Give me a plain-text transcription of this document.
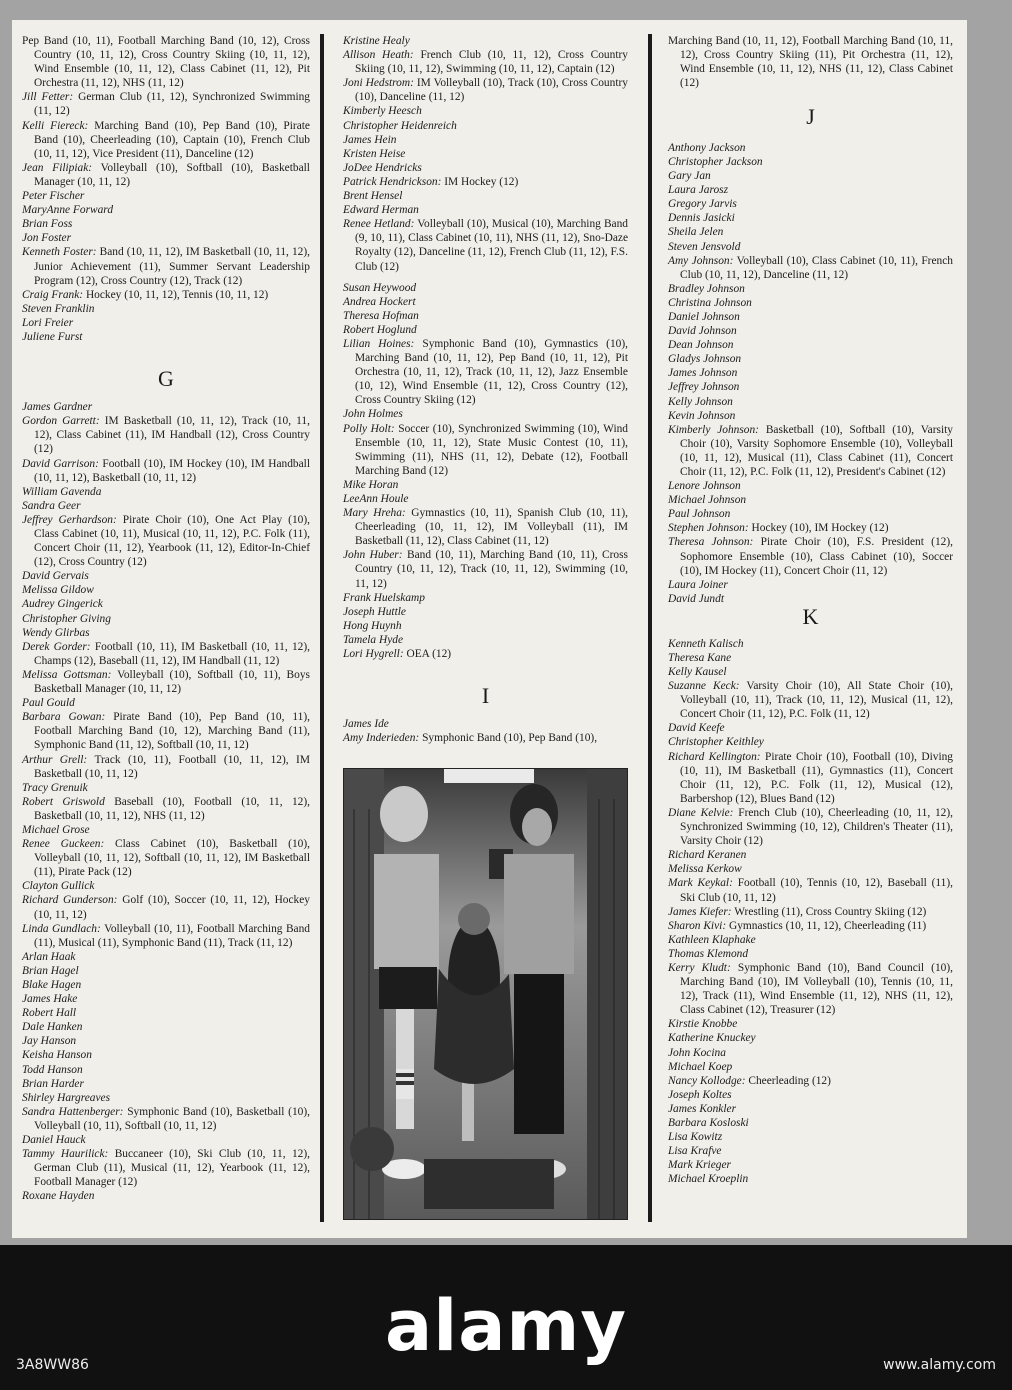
Pep Band (10, 11), Football Marching Band (10, 12), Cross Country (10, 11, 12), Cross Country Skiing (10, 11, 12), Wind Ensemble (10, 11, 12), Class Cabinet (11, 12), Pit Orchestra (11, 12), NHS (11, 12)

Jill Fetter: German Club (11, 12), Synchronized Swimming (11, 12)

Kelli Fiereck: Marching Band (10), Pep Band (10), Pirate Band (10), Cheerleading (10), Captain (10), French Club (10, 11, 12), Vice President (11), Danceline (12)

Jean Filipiak: Volleyball (10), Softball (10), Basketball Manager (10, 11, 12)

Peter Fischer

MaryAnne Forward

Brian Foss

Jon Foster

Kenneth Foster: Band (10, 11, 12), IM Basketball (10, 11, 12), Junior Achievement (11), Summer Servant Leadership Program (12), Cross Country (12), Track (12)

Craig Frank: Hockey (10, 11, 12), Tennis (10, 11, 12)

Steven Franklin

Lori Freier

Juliene Furst

G

James Gardner

Gordon Garrett: IM Basketball (10, 11, 12), Track (10, 11, 12), Class Cabinet (11), IM Handball (12), Cross Country (12)

David Garrison: Football (10), IM Hockey (10), IM Handball (10, 11, 12), Basketball (10, 11, 12)

William Gavenda

Sandra Geer

Jeffrey Gerhardson: Pirate Choir (10), One Act Play (10), Class Cabinet (10, 11), Musical (10, 11, 12), P.C. Folk (11), Concert Choir (11, 12), Yearbook (11, 12), Editor-In-Chief (12), Cross Country (12)

David Gervais

Melissa Gildow

Audrey Gingerick

Christopher Giving

Wendy Glirbas

Derek Gorder: Football (10, 11), IM Basketball (10, 11, 12), Champs (12), Baseball (11, 12), IM Handball (11, 12)

Melissa Gottsman: Volleyball (10), Softball (10, 11), Boys Basketball Manager (10, 11, 12)

Paul Gould

Barbara Gowan: Pirate Band (10), Pep Band (10, 11), Football Marching Band (10, 12), Marching Band (11), Symphonic Band (11, 12), Softball (10, 11, 12)

Arthur Grell: Track (10, 11), Football (10, 11, 12), IM Basketball (10, 11, 12)

Tracy Grenuik

Robert Griswold Baseball (10), Football (10, 11, 12), Basketball (10, 11, 12), NHS (11, 12)

Michael Grose

Renee Guckeen: Class Cabinet (10), Basketball (10), Volleyball (10, 11, 12), Softball (10, 11, 12), IM Basketball (11), Pirate Pack (12)

Clayton Gullick

Richard Gunderson: Golf (10), Soccer (10, 11, 12), Hockey (10, 11, 12)

Linda Gundlach: Volleyball (10, 11), Football Marching Band (11), Musical (11), Symphonic Band (11), Track (11, 12)

Arlan Haak

Brian Hagel

Blake Hagen

James Hake

Robert Hall

Dale Hanken

Jay Hanson

Keisha Hanson

Todd Hanson

Brian Harder

Shirley Hargreaves

Sandra Hattenberger: Symphonic Band (10), Basketball (10), Volleyball (10, 11), Softball (10, 11, 12)

Daniel Hauck

Tammy Haurilick: Buccaneer (10), Ski Club (10, 11, 12), German Club (11), Musical (11, 12), Yearbook (11, 12), Football Manager (12)

Roxane Hayden

Kristine Healy

Allison Heath: French Club (10, 11, 12), Cross Country Skiing (10, 11, 12), Swimming (10, 11, 12), Captain (12)

Joni Hedstrom: IM Volleyball (10), Track (10), Cross Country (10), Danceline (11, 12)

Kimberly Heesch

Christopher Heidenreich

James Hein

Kristen Heise

JoDee Hendricks

Patrick Hendrickson: IM Hockey (12)

Brent Hensel

Edward Herman

Renee Hetland: Volleyball (10), Musical (10), Marching Band (9, 10, 11), Class Cabinet (10, 11), NHS (11, 12), Sno-Daze Royalty (12), Danceline (11, 12), French Club (11, 12), F.S. Club (12)

Susan Heywood

Andrea Hockert

Theresa Hofman

Robert Hoglund

Lilian Hoines: Symphonic Band (10), Gymnastics (10), Marching Band (10, 11, 12), Pep Band (10, 11, 12), Pit Orchestra (10, 11, 12), Track (10, 11, 12), Jazz Ensemble (10, 12), Wind Ensemble (11, 12), Cross Country (12), Cross Country Skiing (12)

John Holmes

Polly Holt: Soccer (10), Synchronized Swimming (10), Wind Ensemble (10, 11, 12), State Music Contest (10, 11), Swimming (11), NHS (11, 12), Debate (12), Football Marching Band (12)

Mike Horan

LeeAnn Houle

Mary Hreha: Gymnastics (10, 11), Spanish Club (10, 11), Cheerleading (10, 11, 12), IM Volleyball (11), IM Basketball (11, 12), Class Cabinet (11, 12)

John Huber: Band (10, 11), Marching Band (10, 11), Cross Country (10, 11, 12), Track (10, 11, 12), Swimming (10, 11, 12)

Frank Huelskamp

Joseph Huttle

Hong Huynh

Tamela Hyde

Lori Hygrell: OEA (12)

I

James Ide

Amy Inderieden: Symphonic Band (10), Pep Band (10),

Marching Band (10, 11, 12), Football Marching Band (10, 11, 12), Cross Country Skiing (11), Pit Orchestra (11, 12), Wind Ensemble (10, 11, 12), NHS (11, 12), Class Cabinet (12)

J

Anthony Jackson

Christopher Jackson

Gary Jan

Laura Jarosz

Gregory Jarvis

Dennis Jasicki

Sheila Jelen

Steven Jensvold

Amy Johnson: Volleyball (10), Class Cabinet (10, 11), French Club (10, 11, 12), Danceline (11, 12)

Bradley Johnson

Christina Johnson

Daniel Johnson

David Johnson

Dean Johnson

Gladys Johnson

James Johnson

Jeffrey Johnson

Kelly Johnson

Kevin Johnson

Kimberly Johnson: Basketball (10), Softball (10), Varsity Choir (10), Varsity Sophomore Ensemble (10), Volleyball (10, 11, 12), Musical (11), Class Cabinet (11), Concert Choir (11, 12), P.C. Folk (11, 12), President's Cabinet (12)

Lenore Johnson

Michael Johnson

Paul Johnson

Stephen Johnson: Hockey (10), IM Hockey (12)

Theresa Johnson: Pirate Choir (10), F.S. President (12), Sophomore Ensemble (10), Class Cabinet (10), Soccer (10), IM Hockey (11), Concert Choir (11, 12)

Laura Joiner

David Jundt

K

Kenneth Kalisch

Theresa Kane

Kelly Kausel

Suzanne Keck: Varsity Choir (10), All State Choir (10), Volleyball (10, 11), Track (10, 11, 12), Musical (11, 12), Concert Choir (11, 12), P.C. Folk (11, 12)

David Keefe

Christopher Keithley

Richard Kellington: Pirate Choir (10), Football (10), Diving (10, 11), IM Basketball (11), Gymnastics (11), Concert Choir (11, 12), P.C. Folk (11, 12), Musical (12), Barbershop (12), Blues Band (12)

Diane Kelvie: French Club (10), Cheerleading (10, 11, 12), Synchronized Swimming (10, 12), Children's Theater (11), Varsity Choir (12)

Richard Keranen

Melissa Kerkow

Mark Keykal: Football (10), Tennis (10, 12), Baseball (11), Ski Club (10, 11, 12)

James Kiefer: Wrestling (11), Cross Country Skiing (12)

Sharon Kivi: Gymnastics (10, 11, 12), Cheerleading (11)

Kathleen Klaphake

Thomas Klemond

Kerry Kludt: Symphonic Band (10), Band Council (10), Marching Band (10), IM Volleyball (10), Tennis (10, 11, 12), Track (11), Wind Ensemble (11, 12), NHS (11, 12), Class Cabinet (12), Treasurer (12)

Kirstie Knobbe

Katherine Knuckey

John Kocina

Michael Koep

Nancy Kollodge: Cheerleading (12)

Joseph Koltes

James Konkler

Barbara Kosloski

Lisa Kowitz

Lisa Krafve

Mark Krieger

Michael Kroeplin

alamy
3A8WW86	www.alamy.com
